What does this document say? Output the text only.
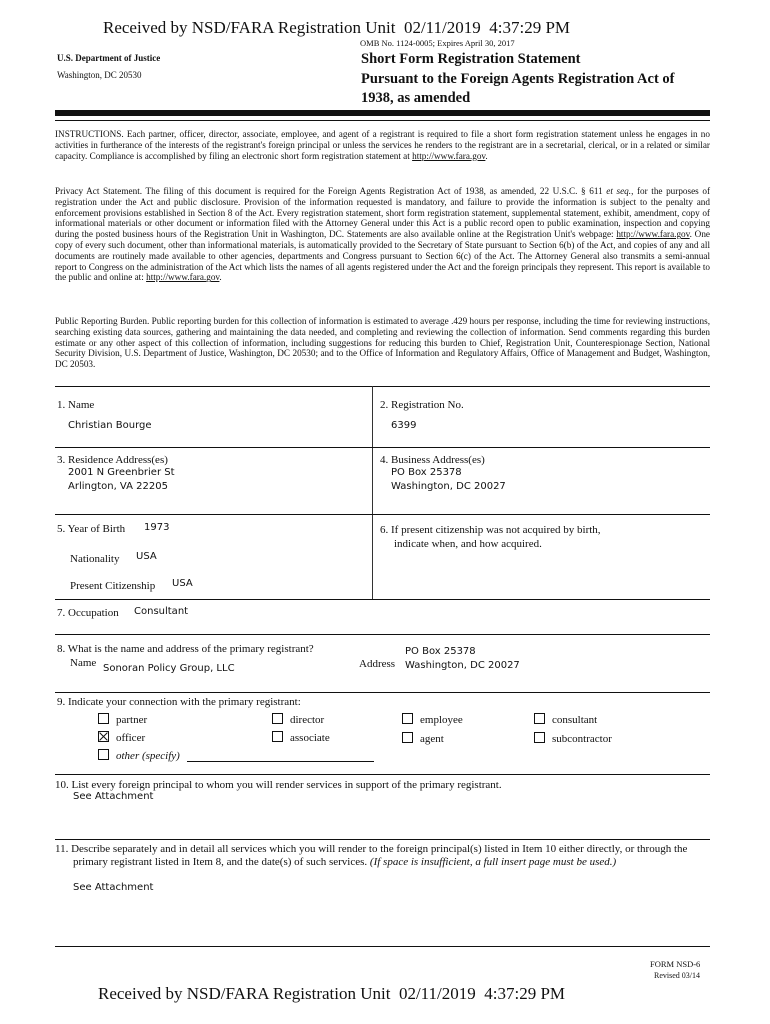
Received by NSD/FARA Registration Unit  02/11/2019  4:37:29 PM
OMB No. 1124-0005; Expires April 30, 2017
U.S. Department of Justice
Washington, DC 20530
Short Form Registration Statement
Pursuant to the Foreign Agents Registration Act of
1938, as amended
INSTRUCTIONS. Each partner, officer, director, associate, employee, and agent of a registrant is required to file a short form registration statement unless he engages in no activities in furtherance of the interests of the registrant's foreign principal or unless the services he renders to the registrant are in a secretarial, clerical, or in a related or similar capacity. Compliance is accomplished by filing an electronic short form registration statement at http://www.fara.gov.
Privacy Act Statement. The filing of this document is required for the Foreign Agents Registration Act of 1938, as amended, 22 U.S.C. § 611 et seq., for the purposes of registration under the Act and public disclosure. Provision of the information requested is mandatory, and failure to provide the information is subject to the penalty and enforcement provisions established in Section 8 of the Act. Every registration statement, short form registration statement, supplemental statement, exhibit, amendment, copy of informational materials or other document or information filed with the Attorney General under this Act is a public record open to public examination, inspection and copying during the posted business hours of the Registration Unit in Washington, DC. Statements are also available online at the Registration Unit's webpage: http://www.fara.gov. One copy of every such document, other than informational materials, is automatically provided to the Secretary of State pursuant to Section 6(b) of the Act, and copies of any and all documents are routinely made available to other agencies, departments and Congress pursuant to Section 6(c) of the Act. The Attorney General also transmits a semi-annual report to Congress on the administration of the Act which lists the names of all agents registered under the Act and the foreign principals they represent. This report is available to the public and online at: http://www.fara.gov.
Public Reporting Burden. Public reporting burden for this collection of information is estimated to average .429 hours per response, including the time for reviewing instructions, searching existing data sources, gathering and maintaining the data needed, and completing and reviewing the collection of information. Send comments regarding this burden estimate or any other aspect of this collection of information, including suggestions for reducing this burden to Chief, Registration Unit, Counterespionage Section, National Security Division, U.S. Department of Justice, Washington, DC 20530; and to the Office of Information and Regulatory Affairs, Office of Management and Budget, Washington, DC 20503.
1. Name
Christian Bourge
2. Registration No.
6399
3. Residence Address(es)
2001 N Greenbrier St
Arlington, VA 22205
4. Business Address(es)
PO Box 25378
Washington, DC 20027
5. Year of Birth 1973
Nationality USA
Present Citizenship USA
6. If present citizenship was not acquired by birth,
indicate when, and how acquired.
7. Occupation Consultant
8. What is the name and address of the primary registrant?
Name Sonoran Policy Group, LLC	Address
PO Box 25378
Washington, DC 20027
9. Indicate your connection with the primary registrant:
partner
officer
other (specify)
director
associate
employee
agent
consultant
subcontractor
10. List every foreign principal to whom you will render services in support of the primary registrant.
See Attachment
11. Describe separately and in detail all services which you will render to the foreign principal(s) listed in Item 10 either directly, or through the primary registrant listed in Item 8, and the date(s) of such services. (If space is insufficient, a full insert page must be used.)
See Attachment
FORM NSD-6
Revised 03/14
Received by NSD/FARA Registration Unit  02/11/2019  4:37:29 PM
